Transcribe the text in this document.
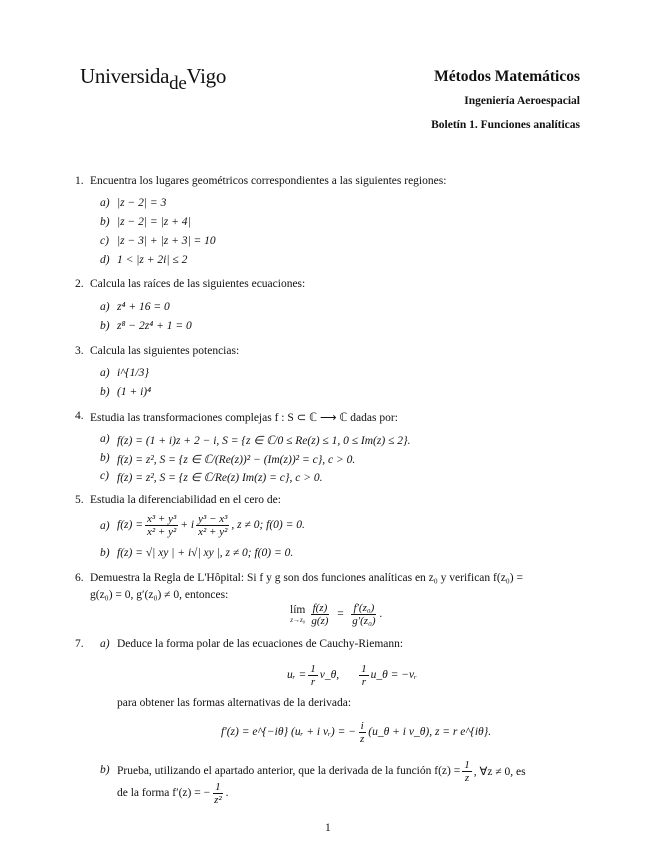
UniversidadeVigo	Métodos Matemáticos
Ingeniería Aeroespacial
Boletín 1. Funciones analíticas
1. Encuentra los lugares geométricos correspondientes a las siguientes regiones:
a) |z − 2| = 3
b) |z − 2| = |z + 4|
c) |z − 3| + |z + 3| = 10
d) 1 < |z + 2i| ≤ 2
2. Calcula las raíces de las siguientes ecuaciones:
a) z⁴ + 16 = 0
b) z⁸ − 2z⁴ + 1 = 0
3. Calcula las siguientes potencias:
a) i^{1/3}
b) (1 + i)⁴
4. Estudia las transformaciones complejas f : S ⊂ ℂ ⟶ ℂ dadas por:
a) f(z) = (1 + i)z + 2 − i, S = {z ∈ ℂ/0 ≤ Re(z) ≤ 1, 0 ≤ Im(z) ≤ 2}.
b) f(z) = z², S = {z ∈ ℂ/(Re(z))² − (Im(z))² = c}, c > 0.
c) f(z) = z², S = {z ∈ ℂ/Re(z) Im(z) = c}, c > 0.
5. Estudia la diferenciabilidad en el cero de:
a) $f(z) = \frac{\text{x³ + y³}}{\text{x² + y²}} + i \frac{\text{y³ − x³}}{\text{x² + y²}}$ , z ≠ 0; f(0) = 0.
b) f(z) = √| xy | + i√| xy |, z ≠ 0; f(0) = 0.
6. Demuestra la Regla de L'Hôpital: Si f y g son dos funciones analíticas en z₀ y verifican f(z₀) =
g(z₀) = 0, g′(z₀) ≠ 0, entonces:
lím
$z\to z_0 \frac{f(z)}{g(z)} = \frac{\text{f′(z₀)}}{\text{g′(z₀)}}$ .
7. a) Deduce la forma polar de las ecuaciones de Cauchy-Riemann:
uᵣ = $\frac{1}{r}$ v_θ, $\frac{1}{r}$ u_θ = −vᵣ
para obtener las formas alternativas de la derivada:
f′(z) = e^{−iθ} (uᵣ + i vᵣ) = − $\frac{i}{z}$ (u_θ + i v_θ), z = r e^{iθ}.
b) Prueba, utilizando el apartado anterior, que la derivada de la función $f(z) = \frac{1}{z}$ , ∀z ≠ 0, es
de la forma f′(z) = − $\frac{1}{\text{z²}}$ .
1
